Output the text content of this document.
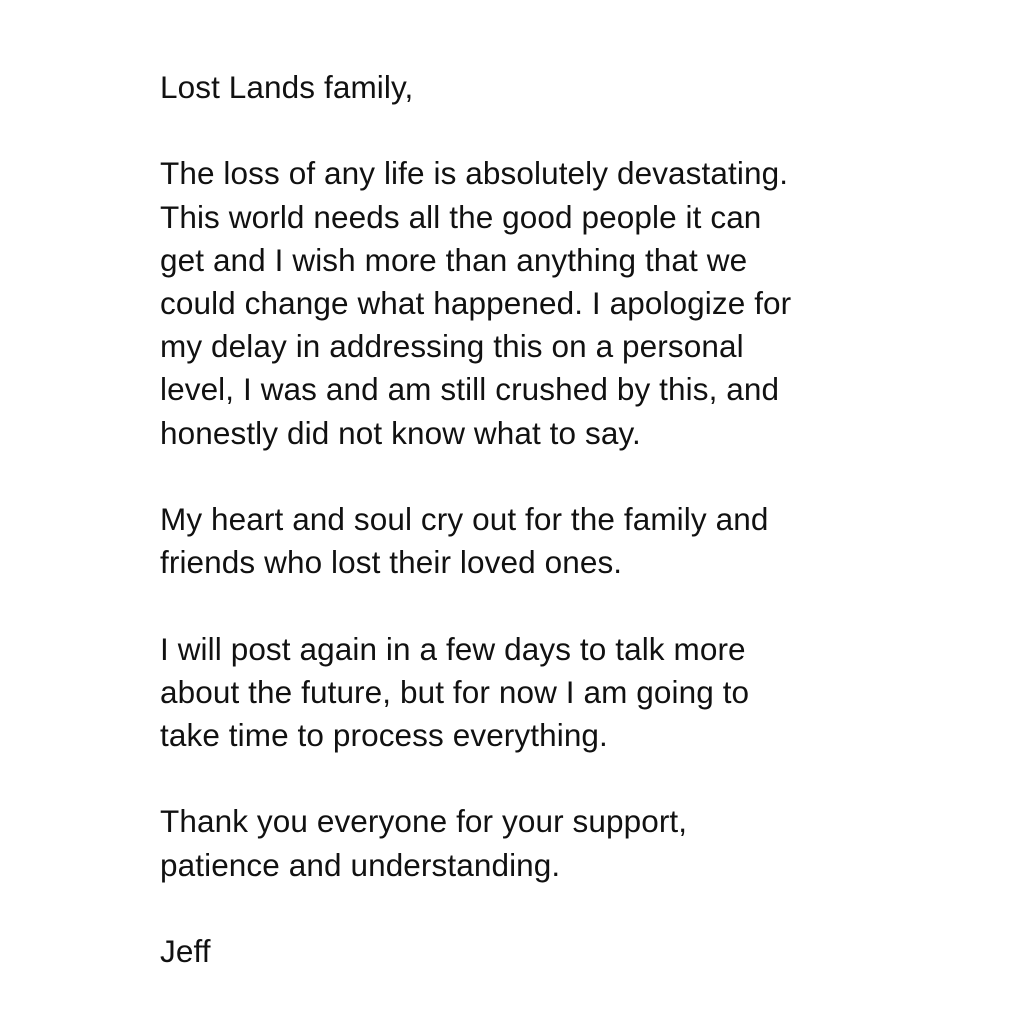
Lost Lands family,
The loss of any life is absolutely devastating.
This world needs all the good people it can
get and I wish more than anything that we
could change what happened. I apologize for
my delay in addressing this on a personal
level, I was and am still crushed by this, and
honestly did not know what to say.
My heart and soul cry out for the family and
friends who lost their loved ones.
I will post again in a few days to talk more
about the future, but for now I am going to
take time to process everything.
Thank you everyone for your support,
patience and understanding.
Jeff
